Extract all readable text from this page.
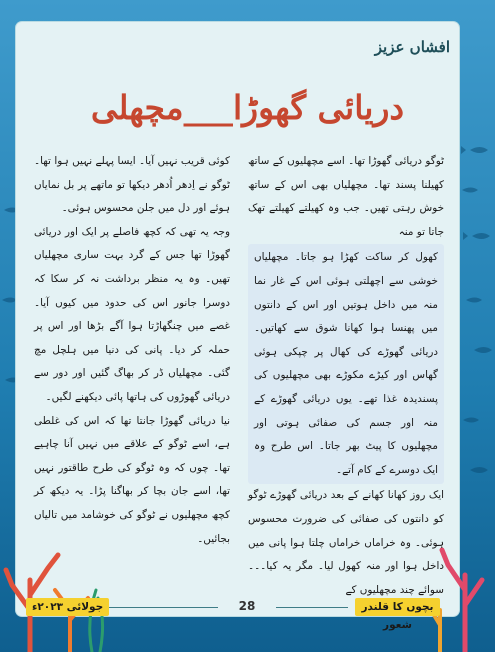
افشاں عزیز
دریائی گھوڑا___مچھلی

ٹوگو دریائی گھوڑا تھا۔ اسے مچھلیوں کے ساتھ کھیلنا پسند تھا۔ مچھلیاں بھی اس کے ساتھ خوش رہتی تھیں۔ جب وہ کھیلتے کھیلتے تھک جاتا تو منہ

کھول کر ساکت کھڑا ہو جاتا۔ مچھلیاں خوشی سے اچھلتی ہوئی اس کے غار نما منہ میں داخل ہوتیں اور اس کے دانتوں میں پھنسا ہوا کھانا شوق سے کھاتیں۔ دریائی گھوڑے کی کھال پر چپکی ہوئی گھاس اور کیڑے مکوڑے بھی مچھلیوں کی پسندیدہ غذا تھے۔ یوں دریائی گھوڑے کے منہ اور جسم کی صفائی ہوتی اور مچھلیوں کا پیٹ بھر جاتا۔ اس طرح وہ ایک دوسرے کے کام آتے۔

ایک روز کھانا کھانے کے بعد دریائی گھوڑے ٹوگو کو دانتوں کی صفائی کی ضرورت محسوس ہوئی۔ وہ خراماں خراماں چلتا ہوا پانی میں داخل ہوا اور منہ کھول لیا۔ مگر یہ کیا۔۔۔ سوائے چند مچھلیوں کے

کوئی قریب نہیں آیا۔ ایسا پہلے نہیں ہوا تھا۔ ٹوگو نے اِدھر اُدھر دیکھا تو ماتھے پر بل نمایاں ہوئے اور دل میں جلن محسوس ہوئی۔

وجہ یہ تھی کہ کچھ فاصلے پر ایک اور دریائی گھوڑا تھا جس کے گرد بہت ساری مچھلیاں تھیں۔ وہ یہ منظر برداشت نہ کر سکا کہ دوسرا جانور اس کی حدود میں کیوں آیا۔ غصے میں چنگھاڑتا ہوا آگے بڑھا اور اس پر حملہ کر دیا۔ پانی کی دنیا میں ہلچل مچ گئی۔ مچھلیاں ڈر کر بھاگ گئیں اور دور سے دریائی گھوڑوں کی ہاتھا پائی دیکھنے لگیں۔

نیا دریائی گھوڑا جانتا تھا کہ اس کی غلطی ہے، اسے ٹوگو کے علاقے میں نہیں آنا چاہیے تھا۔ چوں کہ وہ ٹوگو کی طرح طاقتور نہیں تھا، اسے جان بچا کر بھاگنا پڑا۔ یہ دیکھ کر کچھ مچھلیوں نے ٹوگو کی خوشامد میں تالیاں بجائیں۔

جولائی ۲۰۲۳ء	28	بچوں کا قلندر شعور
